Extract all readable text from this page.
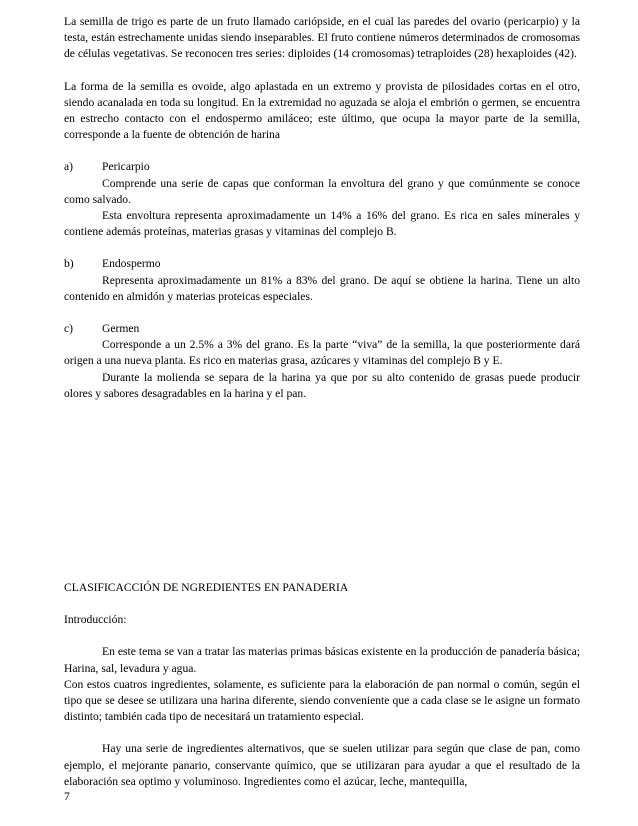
La semilla de trigo es parte de un fruto llamado cariópside, en el cual las paredes del ovario (pericarpio) y la testa, están estrechamente unidas siendo inseparables. El fruto contiene números determinados de cromosomas de células vegetativas. Se reconocen tres series: diploides (14 cromosomas) tetraploides (28) hexaploides (42).

La forma de la semilla es ovoide, algo aplastada en un extremo y provista de pilosidades cortas en el otro, siendo acanalada en toda su longitud. En la extremidad no aguzada se aloja el embrión o germen, se encuentra en estrecho contacto con el endospermo amiláceo; este último, que ocupa la mayor parte de la semilla, corresponde a la fuente de obtención de harina

a)	Pericarpio

Comprende una serie de capas que conforman la envoltura del grano y que comúnmente se conoce como salvado.

Esta envoltura representa aproximadamente un 14% a 16% del grano. Es rica en sales minerales y contiene además proteínas, materias grasas y vitaminas del complejo B.

b)	Endospermo

Representa aproximadamente un 81% a 83% del grano. De aquí se obtiene la harina. Tiene un alto contenido en almidón y materias proteicas especiales.

c)	Germen

Corresponde a un 2.5% a 3% del grano. Es la parte “viva” de la semilla, la que posteriormente dará origen a una nueva planta. Es rico en materias grasa, azúcares y vitaminas del complejo B y E.

Durante la molienda se separa de la harina ya que por su alto contenido de grasas puede producir olores y sabores desagradables en la harina y el pan.

CLASIFICACCIÓN DE NGREDIENTES EN PANADERIA

Introducción:

En este tema se van a tratar las materias primas básicas existente en la producción de panadería básica; Harina, sal, levadura y agua.

Con estos cuatros ingredientes, solamente, es suficiente para la elaboración de pan normal o común, según el tipo que se desee se utilizara una harina diferente, siendo conveniente que a cada clase se le asigne un formato distinto; también cada tipo de necesitará un tratamiento especial.

Hay una serie de ingredientes alternativos, que se suelen utilizar para según que clase de pan, como ejemplo, el mejorante panario, conservante químico, que se utilizaran para ayudar a que el resultado de la elaboración sea optimo y voluminoso. Ingredientes como el azúcar, leche, mantequilla,

7
